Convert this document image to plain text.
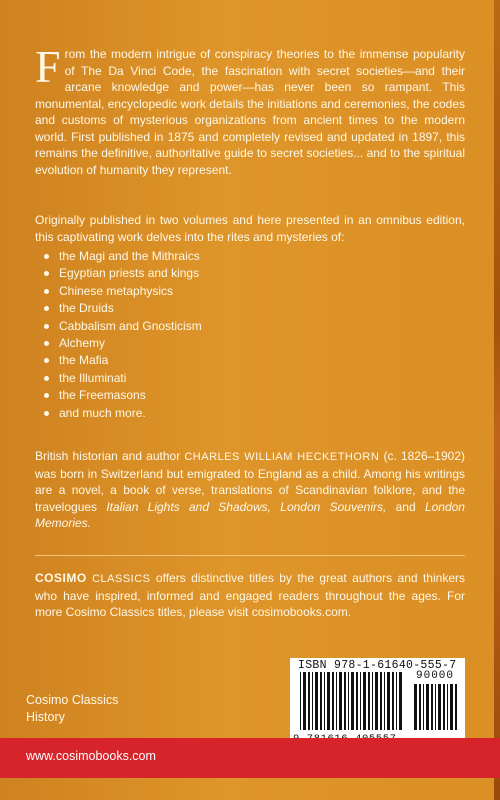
From the modern intrigue of conspiracy theories to the immense popularity of The Da Vinci Code, the fascination with secret societies—and their arcane knowledge and power—has never been so rampant. This monumental, encyclopedic work details the initiations and ceremonies, the codes and customs of mysterious organizations from ancient times to the modern world. First published in 1875 and completely revised and updated in 1897, this remains the definitive, authoritative guide to secret societies... and to the spiritual evolution of humanity they represent.
Originally published in two volumes and here presented in an omnibus edition, this captivating work delves into the rites and mysteries of:
the Magi and the Mithraics
Egyptian priests and kings
Chinese metaphysics
the Druids
Cabbalism and Gnosticism
Alchemy
the Mafia
the Illuminati
the Freemasons
and much more.
British historian and author CHARLES WILLIAM HECKETHORN (c. 1826–1902) was born in Switzerland but emigrated to England as a child. Among his writings are a novel, a book of verse, translations of Scandinavian folklore, and the travelogues Italian Lights and Shadows, London Souvenirs, and London Memories.
COSIMO CLASSICS offers distinctive titles by the great authors and thinkers who have inspired, informed and engaged readers throughout the ages. For more Cosimo Classics titles, please visit cosimobooks.com.
ISBN 978-1-61640-555-7
90000
Cosimo Classics
History
www.cosimobooks.com
